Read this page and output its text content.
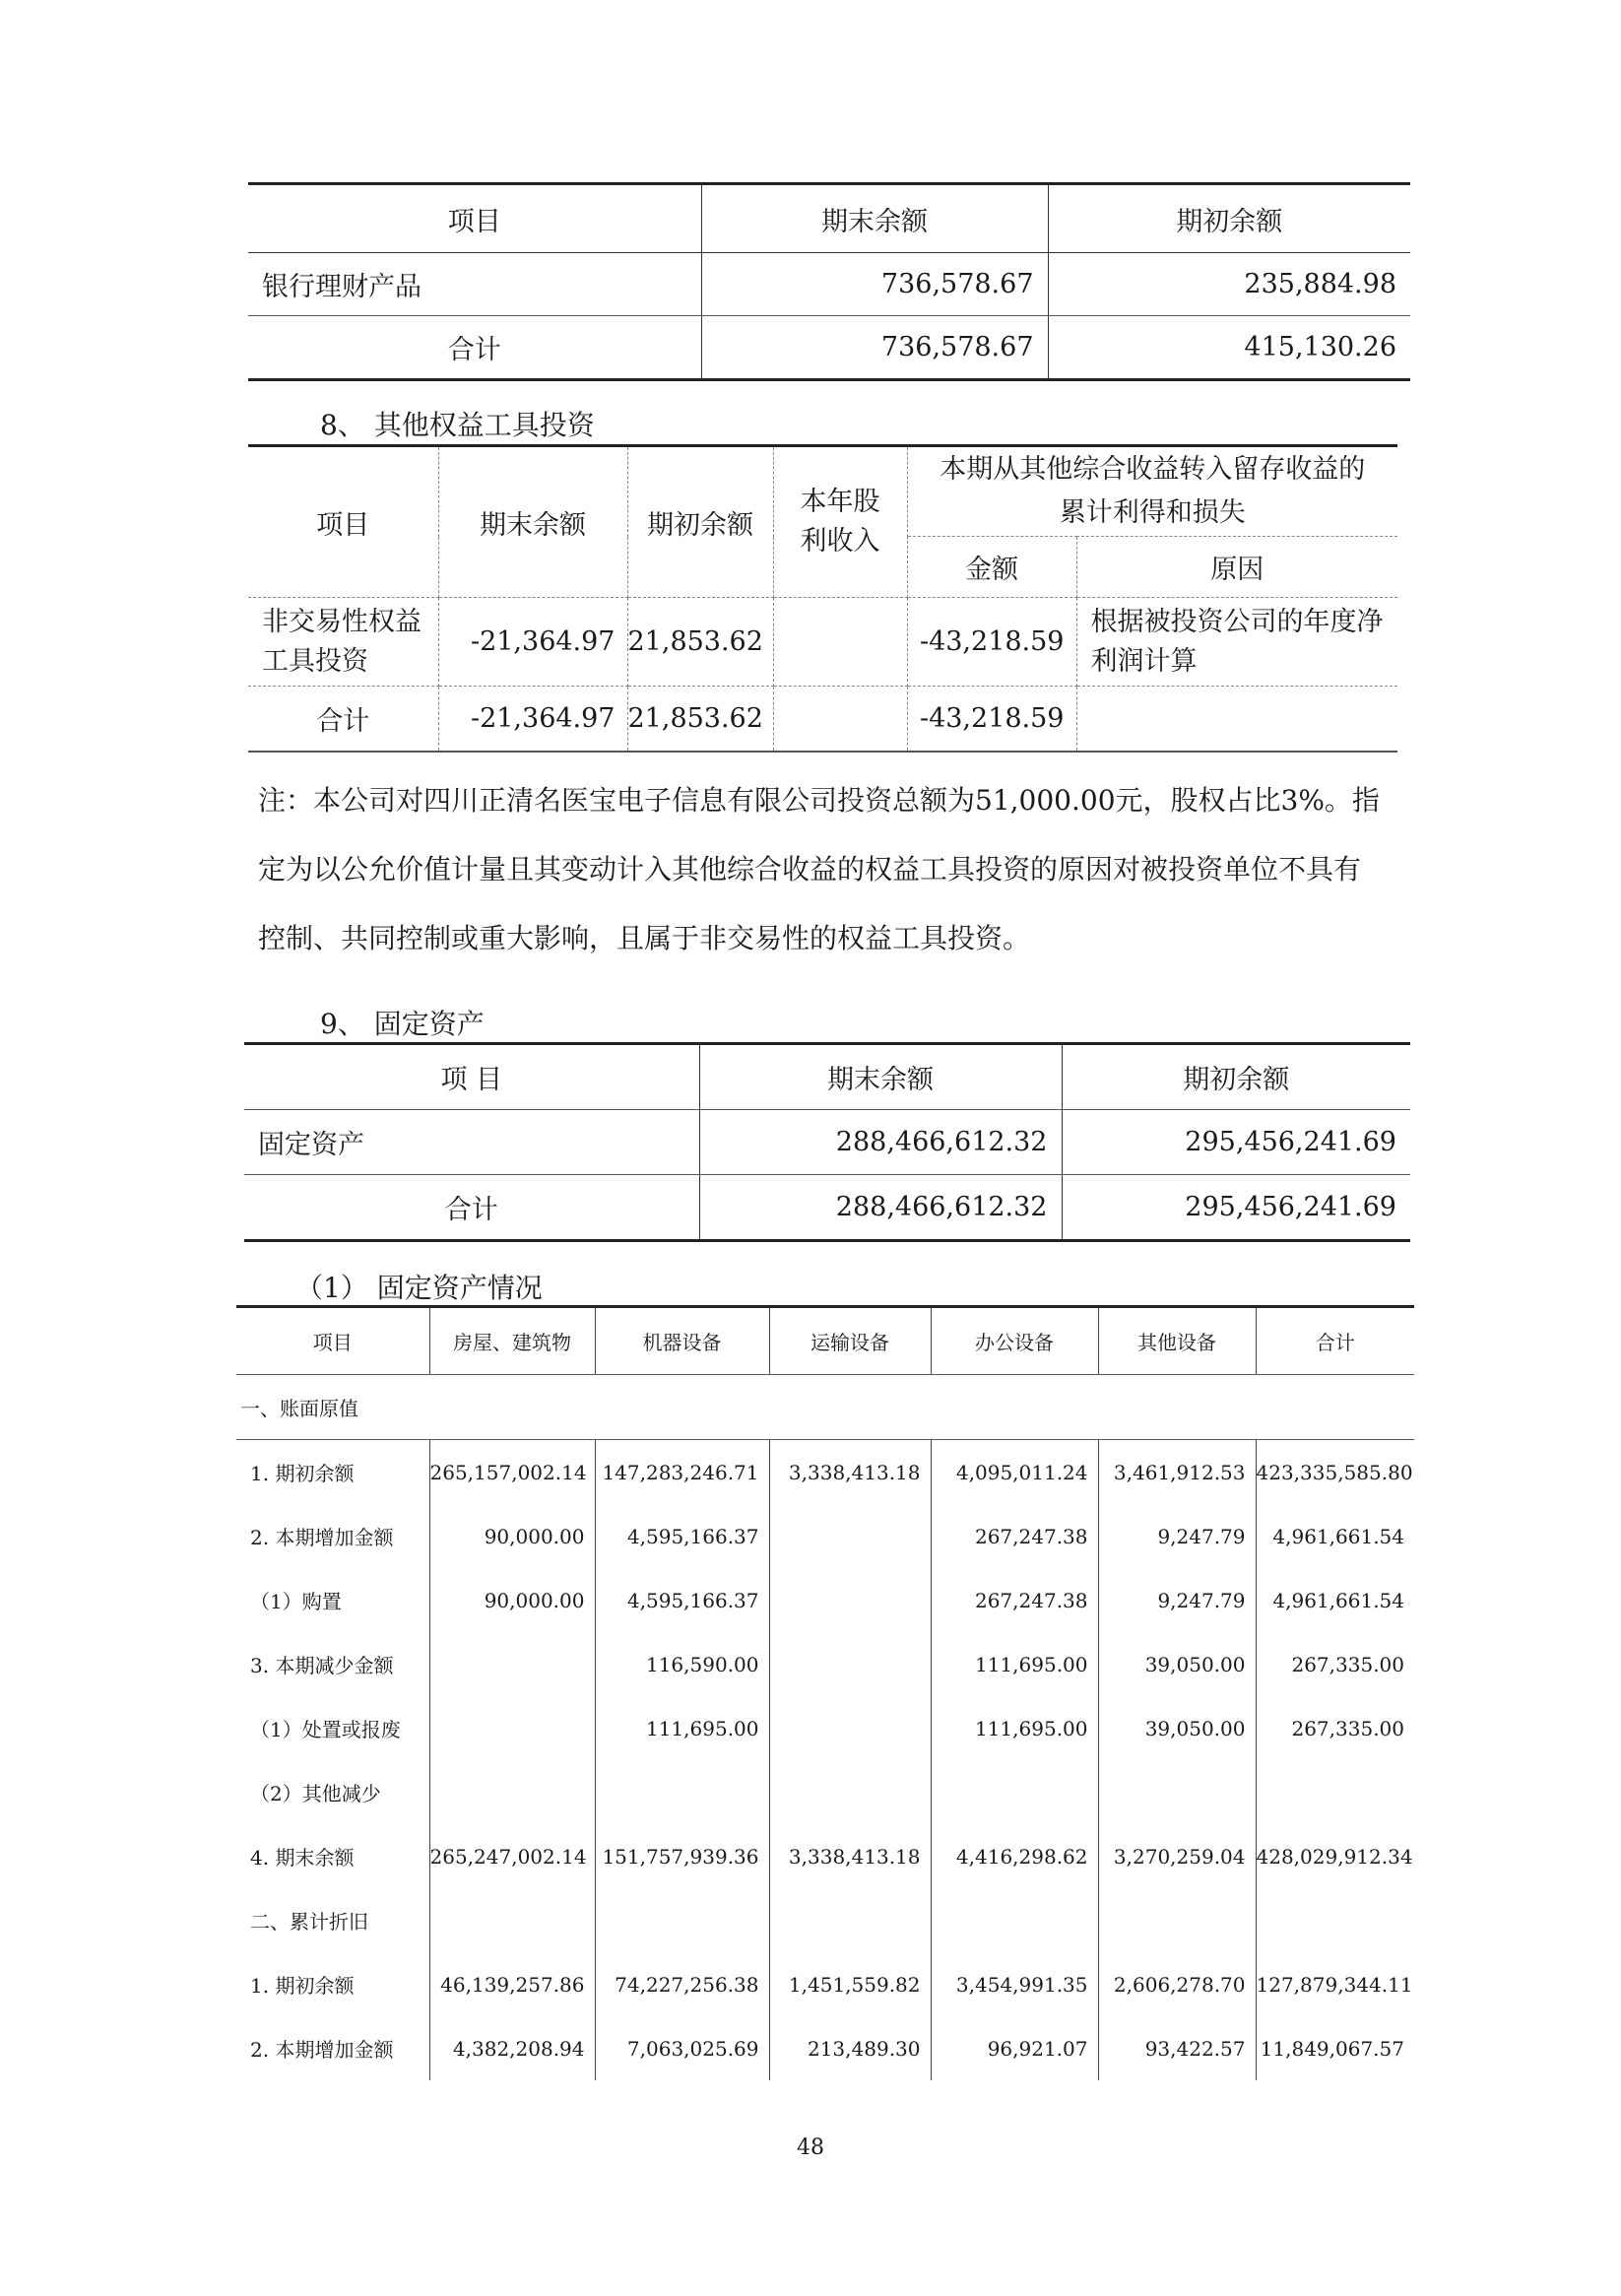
项目	期末余额	期初余额
银行理财产品	736,578.67	235,884.98
合计	736,578.67	415,130.26
8、 其他权益工具投资
项目	期末余额	期初余额	本年股利收入	本期从其他综合收益转入留存收益的累计利得和损失	
				金额	原因
非交易性权益工具投资	-21,364.97	21,853.62		-43,218.59	根据被投资公司的年度净利润计算
合计	-21,364.97	21,853.62		-43,218.59	
注：本公司对四川正清名医宝电子信息有限公司投资总额为51,000.00元，股权占比3%。指
定为以公允价值计量且其变动计入其他综合收益的权益工具投资的原因对被投资单位不具有
控制、共同控制或重大影响，且属于非交易性的权益工具投资。
9、 固定资产
项 目	期末余额	期初余额
固定资产	288,466,612.32	295,456,241.69
合计	288,466,612.32	295,456,241.69
（1） 固定资产情况
项目	房屋、建筑物	机器设备	运输设备	办公设备	其他设备	合计
一、账面原值						
1. 期初余额	265,157,002.14	147,283,246.71	3,338,413.18	4,095,011.24	3,461,912.53	423,335,585.80
2. 本期增加金额	90,000.00	4,595,166.37		267,247.38	9,247.79	4,961,661.54
（1）购置	90,000.00	4,595,166.37		267,247.38	9,247.79	4,961,661.54
3. 本期减少金额		116,590.00		111,695.00	39,050.00	267,335.00
（1）处置或报废		111,695.00		111,695.00	39,050.00	267,335.00
（2）其他减少						
4. 期末余额	265,247,002.14	151,757,939.36	3,338,413.18	4,416,298.62	3,270,259.04	428,029,912.34
二、累计折旧						
1. 期初余额	46,139,257.86	74,227,256.38	1,451,559.82	3,454,991.35	2,606,278.70	127,879,344.11
2. 本期增加金额	4,382,208.94	7,063,025.69	213,489.30	96,921.07	93,422.57	11,849,067.57
48
